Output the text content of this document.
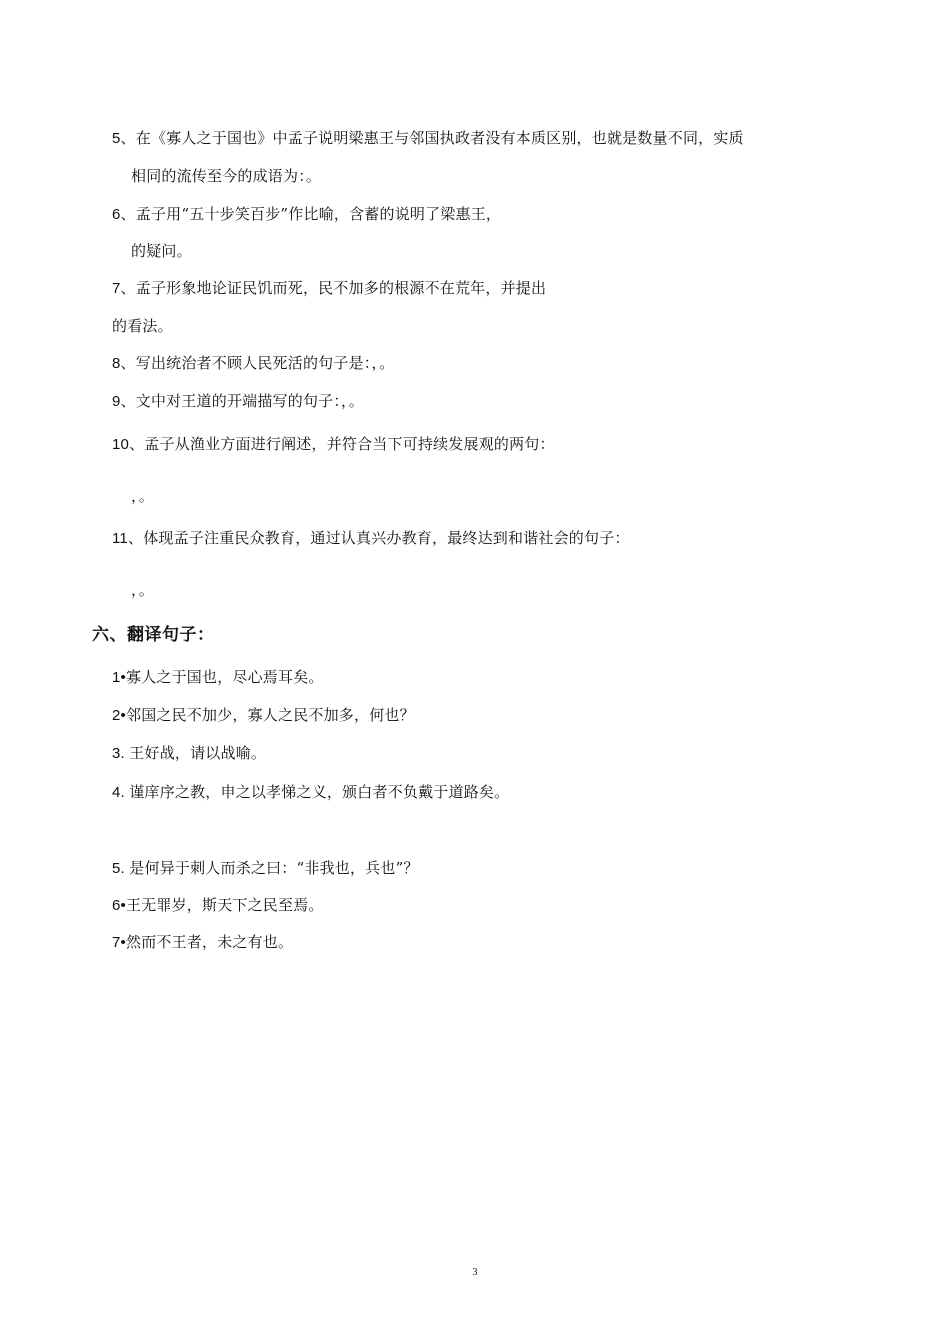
5、在《寡人之于国也》中孟子说明梁惠王与邻国执政者没有本质区别，也就是数量不同，实质
相同的流传至今的成语为：。
6、孟子用“五十步笑百步”作比喻，含蓄的说明了梁惠王，
的疑问。
7、孟子形象地论证民饥而死，民不加多的根源不在荒年，并提出
的看法。
8、写出统治者不顾人民死活的句子是：，。
9、文中对王道的开端描写的句子：，。
10、孟子从渔业方面进行阐述，并符合当下可持续发展观的两句：
，。
11、体现孟子注重民众教育，通过认真兴办教育，最终达到和谐社会的句子：
，。
六、翻译句子：
1•寡人之于国也，尽心焉耳矣。
2•邻国之民不加少，寡人之民不加多，何也？
3. 王好战，请以战喻。
4. 谨庠序之教，申之以孝悌之义，颁白者不负戴于道路矣。
5. 是何异于刺人而杀之曰：“非我也，兵也”？
6•王无罪岁，斯天下之民至焉。
7•然而不王者，未之有也。
3
